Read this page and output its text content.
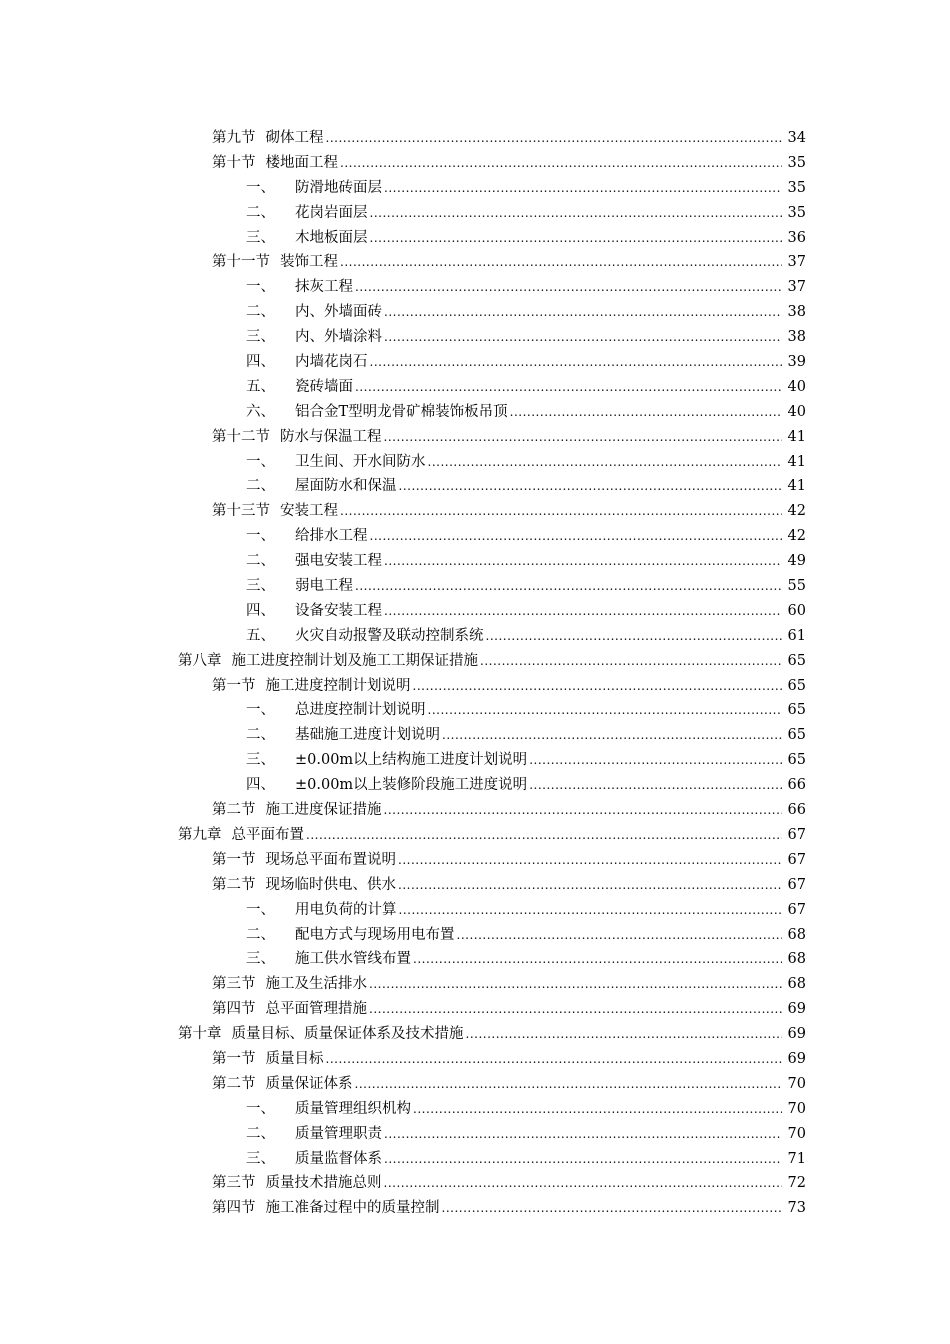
第九节 砌体工程 .....	34
第十节 楼地面工程 .....	35
一、 防滑地砖面层 .....	35
二、 花岗岩面层 .....	35
三、 木地板面层 .....	36
第十一节 装饰工程 .....	37
一、 抹灰工程 .....	37
二、 内、外墙面砖 .....	38
三、 内、外墙涂料 .....	38
四、 内墙花岗石 .....	39
五、 瓷砖墙面 .....	40
六、 铝合金T型明龙骨矿棉装饰板吊顶 .....	40
第十二节 防水与保温工程 .....	41
一、 卫生间、开水间防水 .....	41
二、 屋面防水和保温 .....	41
第十三节 安装工程 .....	42
一、 给排水工程 .....	42
二、 强电安装工程 .....	49
三、 弱电工程 .....	55
四、 设备安装工程 .....	60
五、 火灾自动报警及联动控制系统 .....	61
第八章 施工进度控制计划及施工工期保证措施 .....	65
第一节 施工进度控制计划说明 .....	65
一、 总进度控制计划说明 .....	65
二、 基础施工进度计划说明 .....	65
三、 ±0.00m以上结构施工进度计划说明 .....	65
四、 ±0.00m以上装修阶段施工进度说明 .....	66
第二节 施工进度保证措施 .....	66
第九章 总平面布置 .....	67
第一节 现场总平面布置说明 .....	67
第二节 现场临时供电、供水 .....	67
一、 用电负荷的计算 .....	67
二、 配电方式与现场用电布置 .....	68
三、 施工供水管线布置 .....	68
第三节 施工及生活排水 .....	68
第四节 总平面管理措施 .....	69
第十章 质量目标、质量保证体系及技术措施 .....	69
第一节 质量目标 .....	69
第二节 质量保证体系 .....	70
一、 质量管理组织机构 .....	70
二、 质量管理职责 .....	70
三、 质量监督体系 .....	71
第三节 质量技术措施总则 .....	72
第四节 施工准备过程中的质量控制 .....	73
